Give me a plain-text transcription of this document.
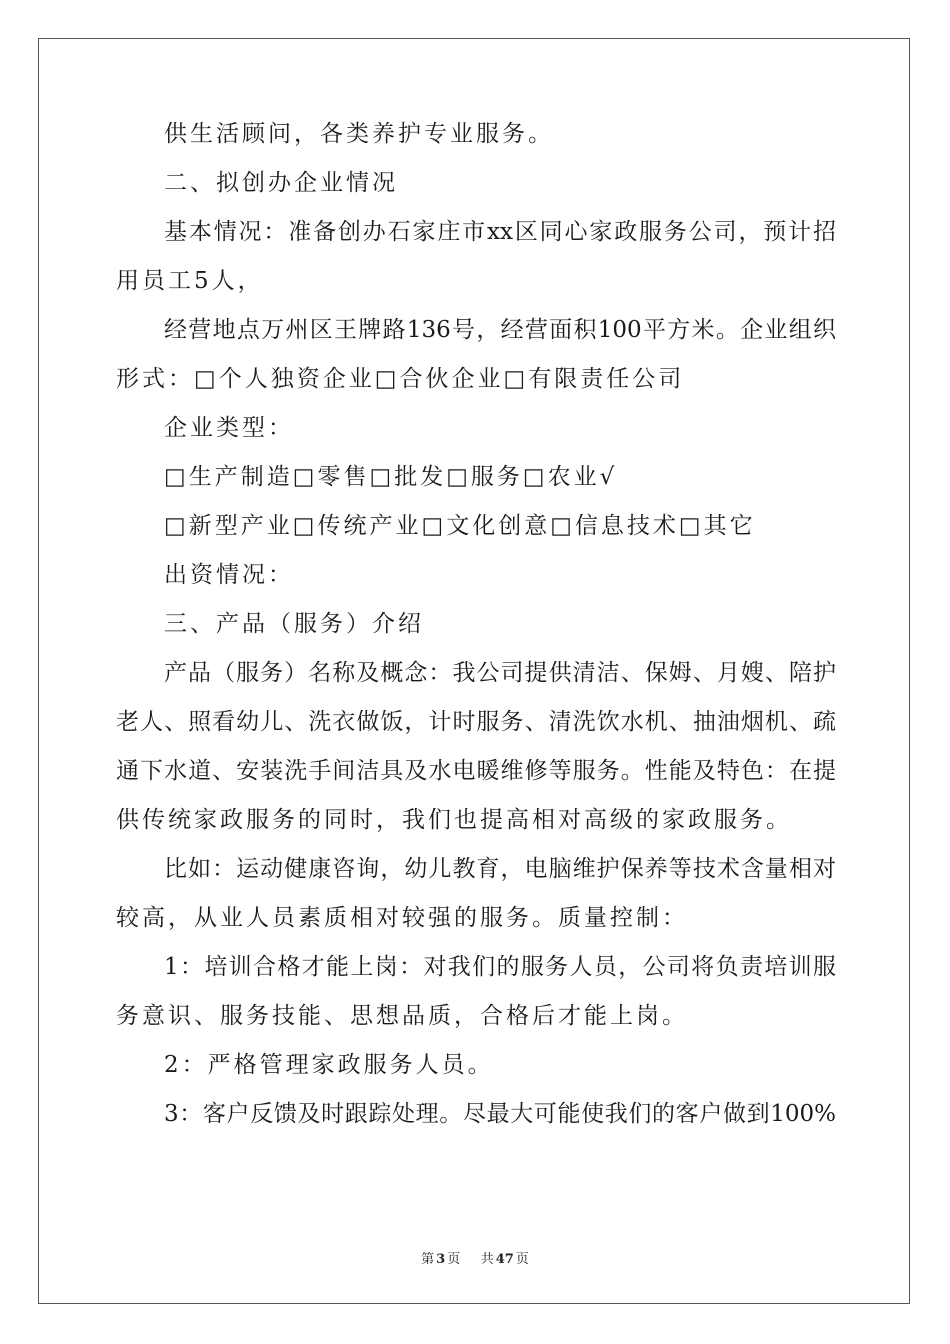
供生活顾问，各类养护专业服务。
二、拟创办企业情况
基本情况：准备创办石家庄市xx区同心家政服务公司，预计招
用员工5人，
经营地点万州区王牌路136号，经营面积100平方米。企业组织
形式：□个人独资企业□合伙企业□有限责任公司
企业类型：
□生产制造□零售□批发□服务□农业√
□新型产业□传统产业□文化创意□信息技术□其它
出资情况：
三、产品（服务）介绍
产品（服务）名称及概念：我公司提供清洁、保姆、月嫂、陪护
老人、照看幼儿、洗衣做饭，计时服务、清洗饮水机、抽油烟机、疏
通下水道、安装洗手间洁具及水电暖维修等服务。性能及特色：在提
供传统家政服务的同时，我们也提高相对高级的家政服务。
比如：运动健康咨询，幼儿教育，电脑维护保养等技术含量相对
较高，从业人员素质相对较强的服务。质量控制：
1：培训合格才能上岗：对我们的服务人员，公司将负责培训服
务意识、服务技能、思想品质，合格后才能上岗。
2：严格管理家政服务人员。
3：客户反馈及时跟踪处理。尽最大可能使我们的客户做到100%
第 3 页 共 47 页
